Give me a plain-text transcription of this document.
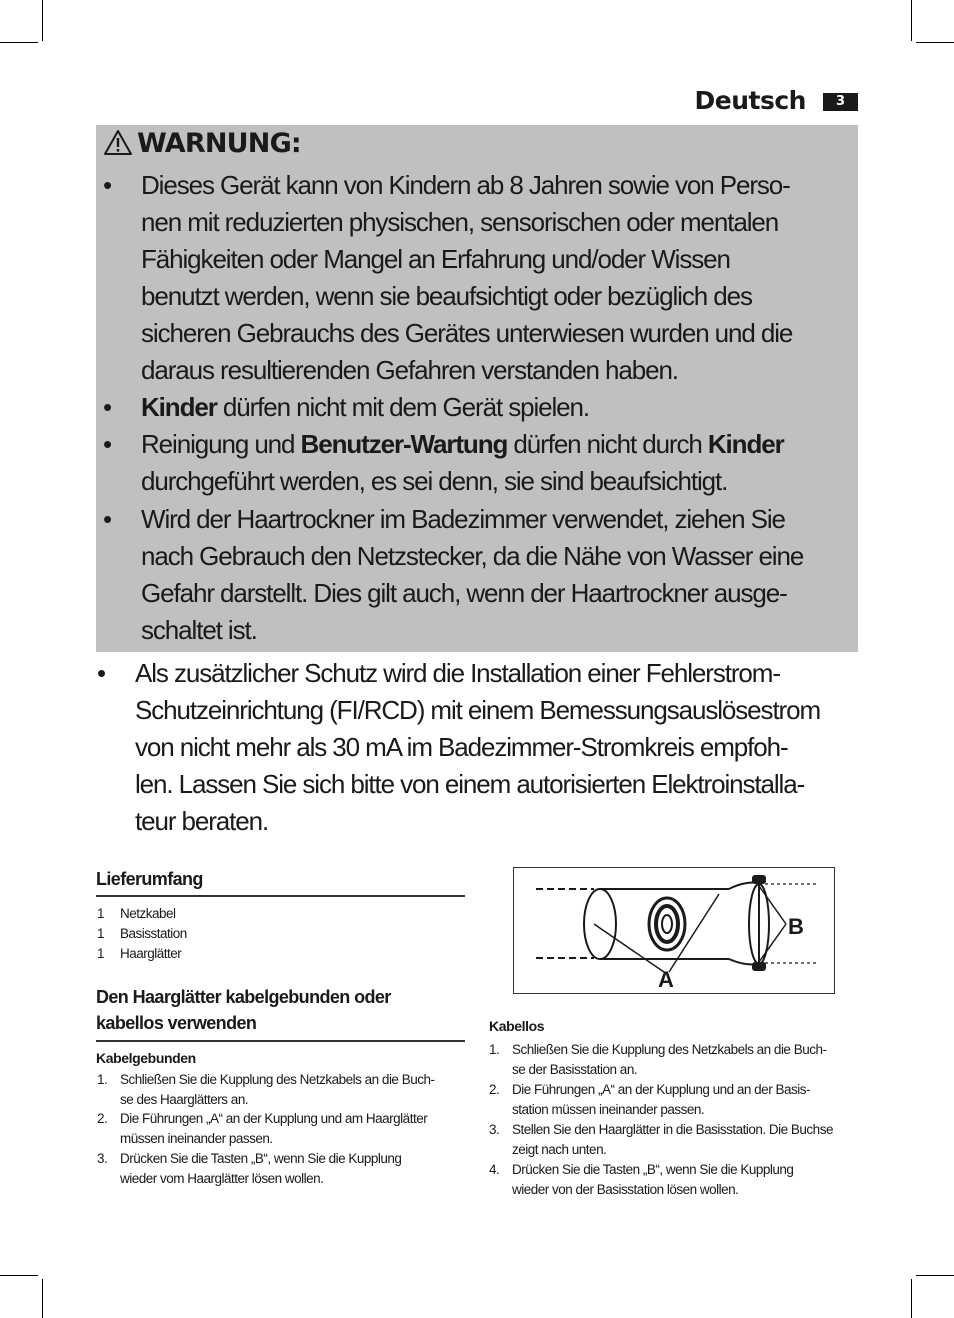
Deutsch	3
WARNUNG:
• Dieses Gerät kann von Kindern ab 8 Jahren sowie von Perso-
nen mit reduzierten physischen, sensorischen oder mentalen
Fähigkeiten oder Mangel an Erfahrung und/oder Wissen
benutzt werden, wenn sie beaufsichtigt oder bezüglich des
sicheren Gebrauchs des Gerätes unterwiesen wurden und die
daraus resultierenden Gefahren verstanden haben.
• Kinder dürfen nicht mit dem Gerät spielen.
• Reinigung und Benutzer-Wartung dürfen nicht durch Kinder
durchgeführt werden, es sei denn, sie sind beaufsichtigt.
• Wird der Haartrockner im Badezimmer verwendet, ziehen Sie
nach Gebrauch den Netzstecker, da die Nähe von Wasser eine
Gefahr darstellt. Dies gilt auch, wenn der Haartrockner ausge-
schaltet ist.
• Als zusätzlicher Schutz wird die Installation einer Fehlerstrom-
Schutzeinrichtung (FI/RCD) mit einem Bemessungsauslösestrom
von nicht mehr als 30 mA im Badezimmer-Stromkreis empfoh-
len. Lassen Sie sich bitte von einem autorisierten Elektroinstalla-
teur beraten.
Lieferumfang
1 Netzkabel
1 Basisstation
1 Haarglätter
Den Haarglätter kabelgebunden oder
kabellos verwenden
Kabelgebunden
1. Schließen Sie die Kupplung des Netzkabels an die Buch-
se des Haarglätters an.
2. Die Führungen „A“ an der Kupplung und am Haarglätter
müssen ineinander passen.
3. Drücken Sie die Tasten „B“, wenn Sie die Kupplung
wieder vom Haarglätter lösen wollen.
A
B
Kabellos
1. Schließen Sie die Kupplung des Netzkabels an die Buch-
se der Basisstation an.
2. Die Führungen „A“ an der Kupplung und an der Basis-
station müssen ineinander passen.
3. Stellen Sie den Haarglätter in die Basisstation. Die Buchse
zeigt nach unten.
4. Drücken Sie die Tasten „B“, wenn Sie die Kupplung
wieder von der Basisstation lösen wollen.
